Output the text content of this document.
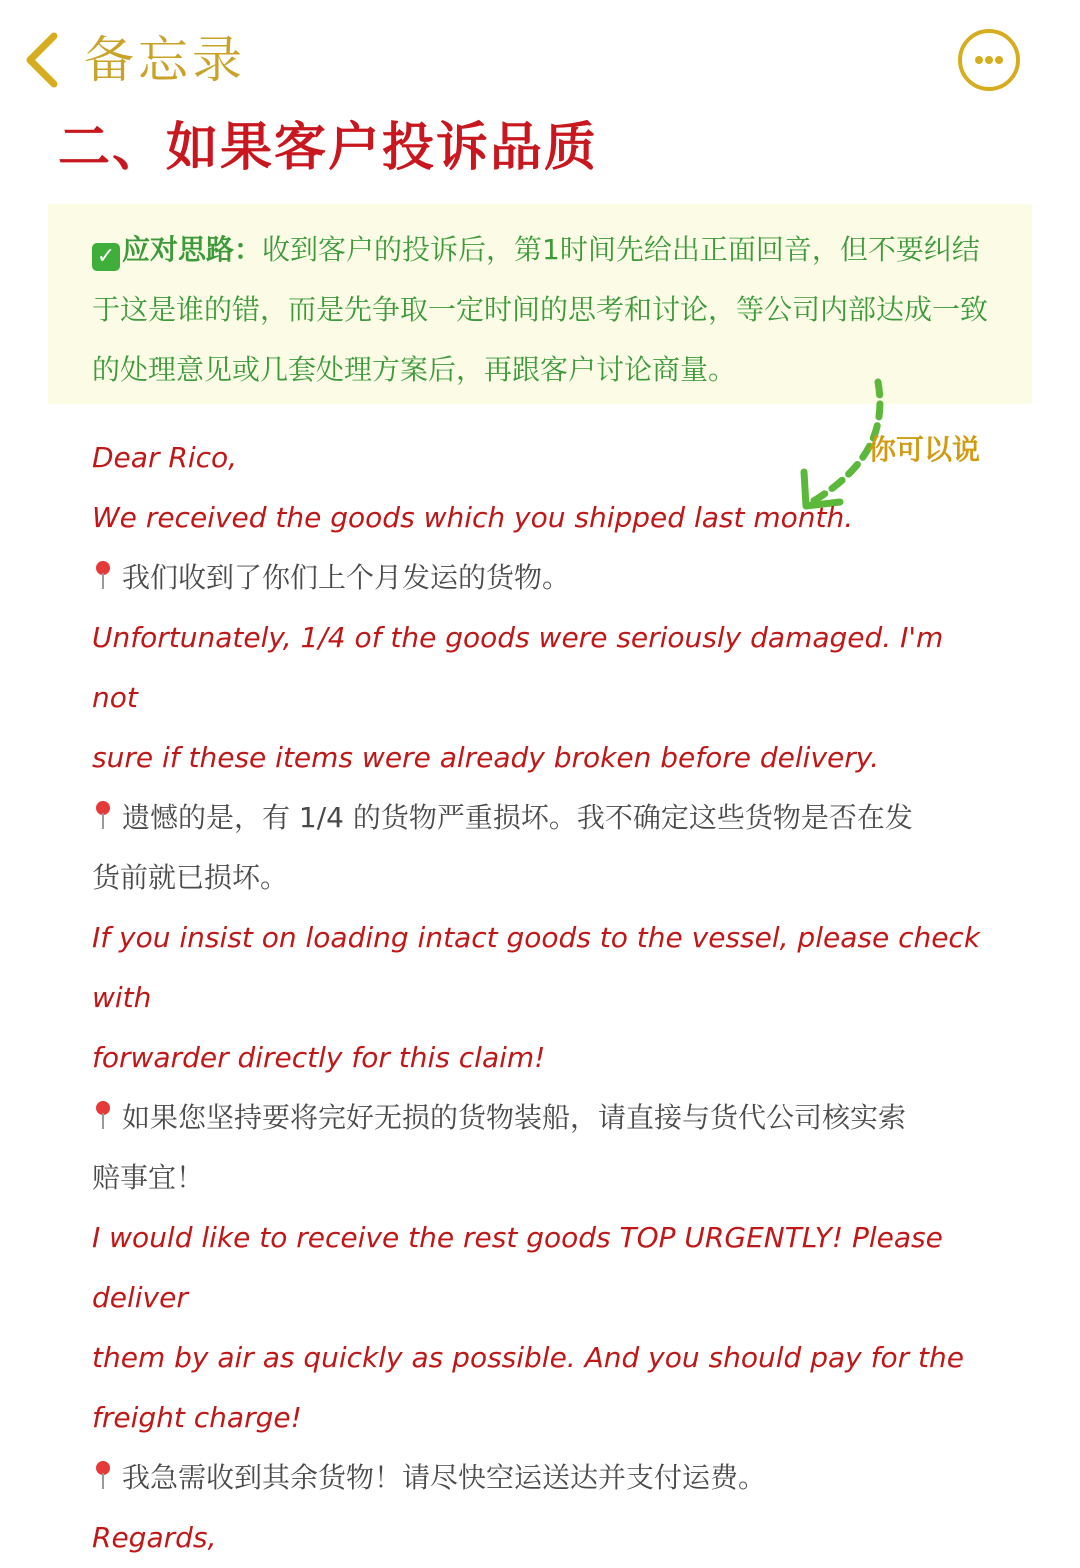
备忘录
二、如果客户投诉品质
✓ 应对思路：收到客户的投诉后，第1时间先给出正面回音，但不要纠结于这是谁的错，而是先争取一定时间的思考和讨论，等公司内部达成一致的处理意见或几套处理方案后，再跟客户讨论商量。
你可以说
Dear Rico,
We received the goods which you shipped last month.
我们收到了你们上个月发运的货物。
Unfortunately, 1/4 of the goods were seriously damaged. I'm not
sure if these items were already broken before delivery.
遗憾的是，有 1/4 的货物严重损坏。我不确定这些货物是否在发
货前就已损坏。
If you insist on loading intact goods to the vessel, please check with
forwarder directly for this claim!
如果您坚持要将完好无损的货物装船，请直接与货代公司核实索
赔事宜！
I would like to receive the rest goods TOP URGENTLY! Please deliver
them by air as quickly as possible. And you should pay for the
freight charge!
我急需收到其余货物！请尽快空运送达并支付运费。
Regards,
